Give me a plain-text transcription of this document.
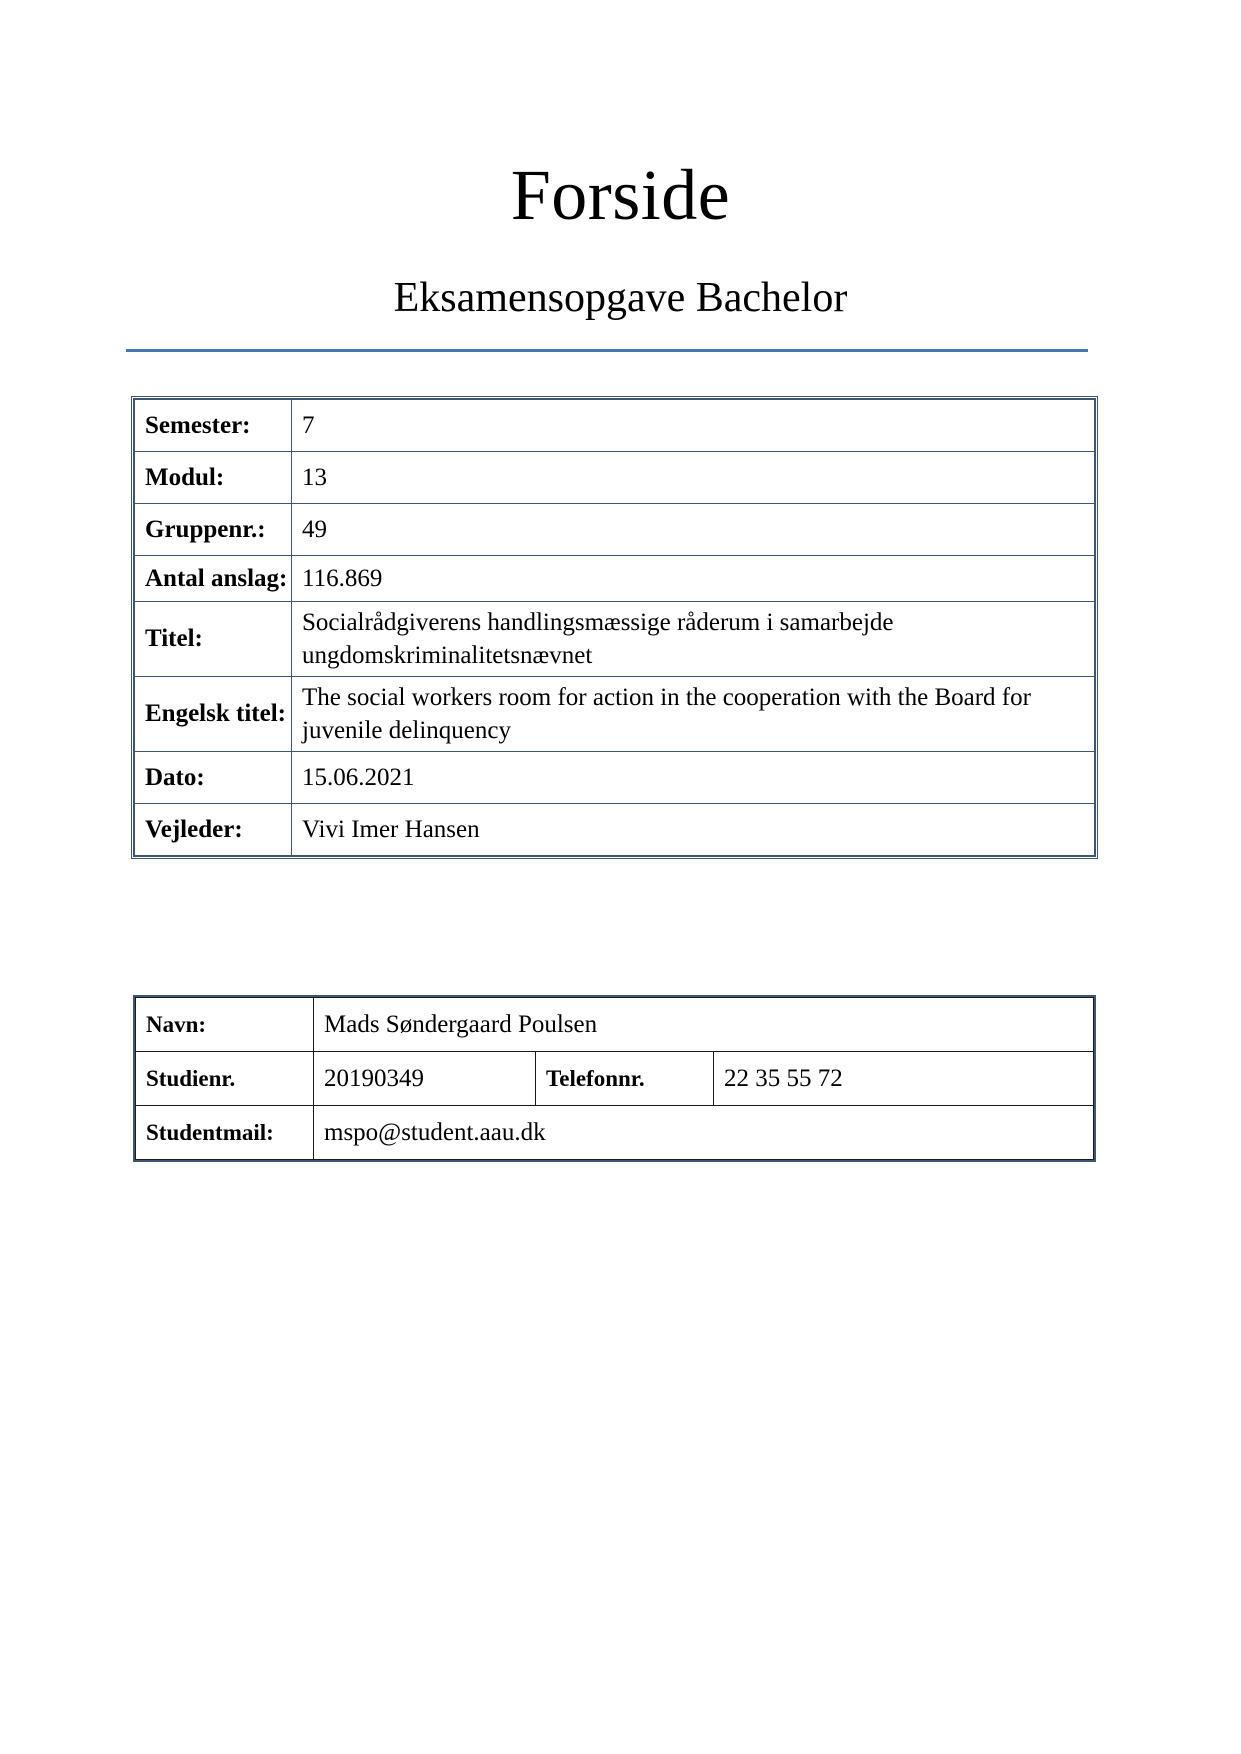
Forside
Eksamensopgave Bachelor
Semester:	7
Modul:	13
Gruppenr.:	49
Antal anslag:	116.869
Titel:	Socialrådgiverens handlingsmæssige råderum i samarbejde ungdomskriminalitetsnævnet
Engelsk titel:	The social workers room for action in the cooperation with the Board for juvenile delinquency
Dato:	15.06.2021
Vejleder:	Vivi Imer Hansen
Navn:	Mads Søndergaard Poulsen		
Studienr.	20190349	Telefonnr.	22 35 55 72
Studentmail:	mspo@student.aau.dk		
